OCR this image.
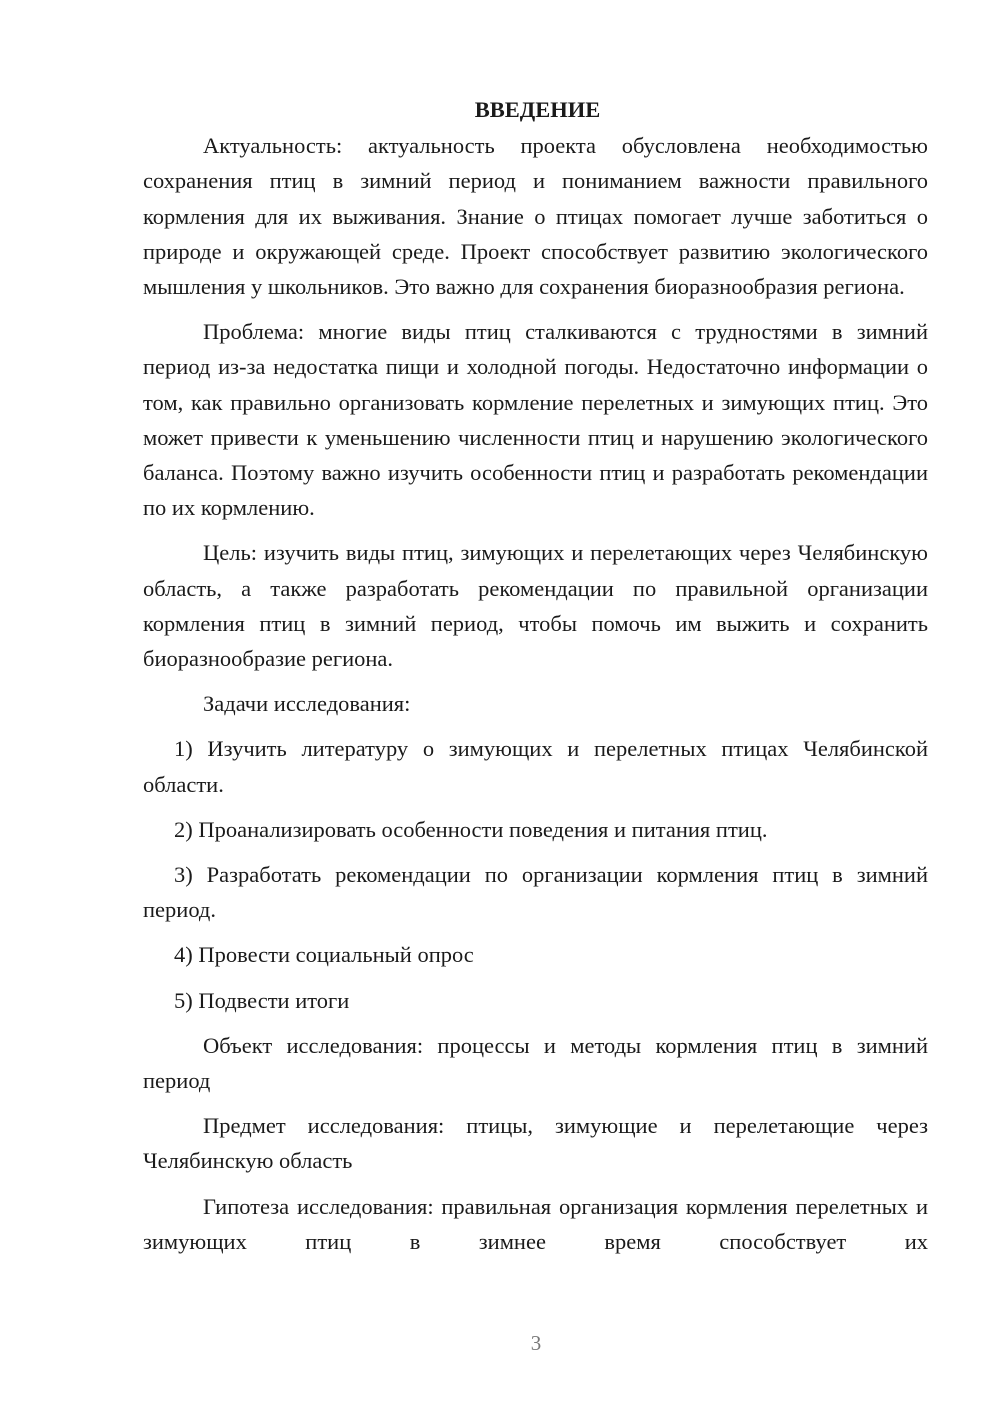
ВВЕДЕНИЕ

Актуальность: актуальность проекта обусловлена необходимостью сохранения птиц в зимний период и пониманием важности правильного кормления для их выживания. Знание о птицах помогает лучше заботиться о природе и окружающей среде. Проект способствует развитию экологического мышления у школьников. Это важно для сохранения биоразнообразия региона.

Проблема: многие виды птиц сталкиваются с трудностями в зимний период из-за недостатка пищи и холодной погоды. Недостаточно информации о том, как правильно организовать кормление перелетных и зимующих птиц. Это может привести к уменьшению численности птиц и нарушению экологического баланса. Поэтому важно изучить особенности птиц и разработать рекомендации по их кормлению.

Цель: изучить виды птиц, зимующих и перелетающих через Челябинскую область, а также разработать рекомендации по правильной организации кормления птиц в зимний период, чтобы помочь им выжить и сохранить биоразнообразие региона.

Задачи исследования:

1) Изучить литературу о зимующих и перелетных птицах Челябинской области.

2) Проанализировать особенности поведения и питания птиц.

3) Разработать рекомендации по организации кормления птиц в зимний период.

4) Провести социальный опрос

5) Подвести итоги

Объект исследования: процессы и методы кормления птиц в зимний период

Предмет исследования: птицы, зимующие и перелетающие через Челябинскую область

Гипотеза исследования: правильная организация кормления перелетных и зимующих птиц в зимнее время способствует их

3
